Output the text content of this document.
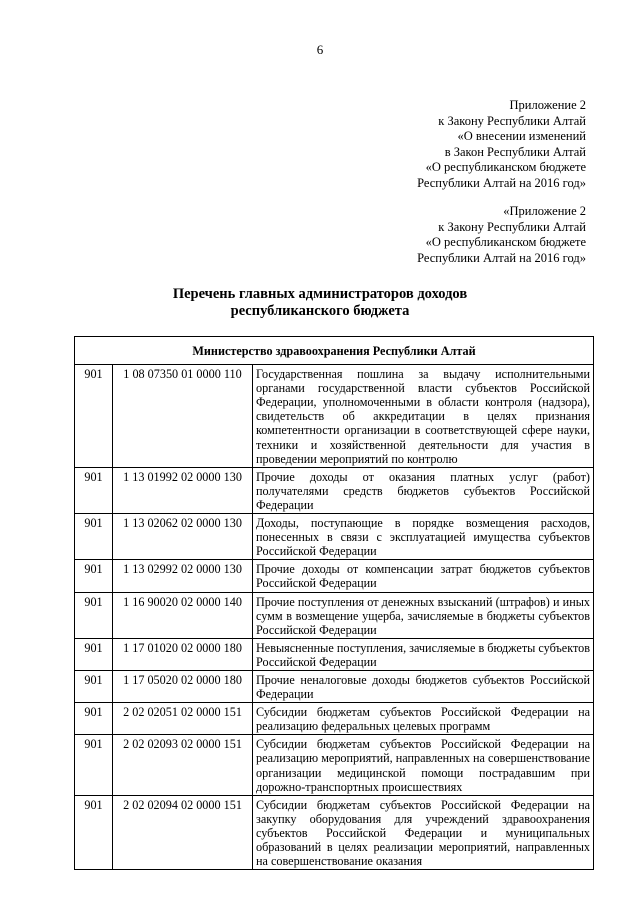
6
Приложение 2
к Закону Республики Алтай
«О внесении изменений
в Закон Республики Алтай
«О республиканском бюджете
Республики Алтай на 2016 год»
«Приложение 2
к Закону Республики Алтай
«О республиканском бюджете
Республики Алтай на 2016 год»
Перечень главных администраторов доходов
республиканского бюджета
Министерство здравоохранения Республики Алтай		
901	1 08 07350 01 0000 110	Государственная пошлина за выдачу исполнительными органами государственной власти субъектов Российской Федерации, уполномоченными в области контроля (надзора), свидетельств об аккредитации в целях признания компетентности организации в соответствующей сфере науки, техники и хозяйственной деятельности для участия в проведении мероприятий по контролю
901	1 13 01992 02 0000 130	Прочие доходы от оказания платных услуг (работ) получателями средств бюджетов субъектов Российской Федерации
901	1 13 02062 02 0000 130	Доходы, поступающие в порядке возмещения расходов, понесенных в связи с эксплуатацией имущества субъектов Российской Федерации
901	1 13 02992 02 0000 130	Прочие доходы от компенсации затрат бюджетов субъектов Российской Федерации
901	1 16 90020 02 0000 140	Прочие поступления от денежных взысканий (штрафов) и иных сумм в возмещение ущерба, зачисляемые в бюджеты субъектов Российской Федерации
901	1 17 01020 02 0000 180	Невыясненные поступления, зачисляемые в бюджеты субъектов Российской Федерации
901	1 17 05020 02 0000 180	Прочие неналоговые доходы бюджетов субъектов Российской Федерации
901	2 02 02051 02 0000 151	Субсидии бюджетам субъектов Российской Федерации на реализацию федеральных целевых программ
901	2 02 02093 02 0000 151	Субсидии бюджетам субъектов Российской Федерации на реализацию мероприятий, направленных на совершенствование организации медицинской помощи пострадавшим при дорожно-транспортных происшествиях
901	2 02 02094 02 0000 151	Субсидии бюджетам субъектов Российской Федерации на закупку оборудования для учреждений здравоохранения субъектов Российской Федерации и муниципальных образований в целях реализации мероприятий, направленных на совершенствование оказания
